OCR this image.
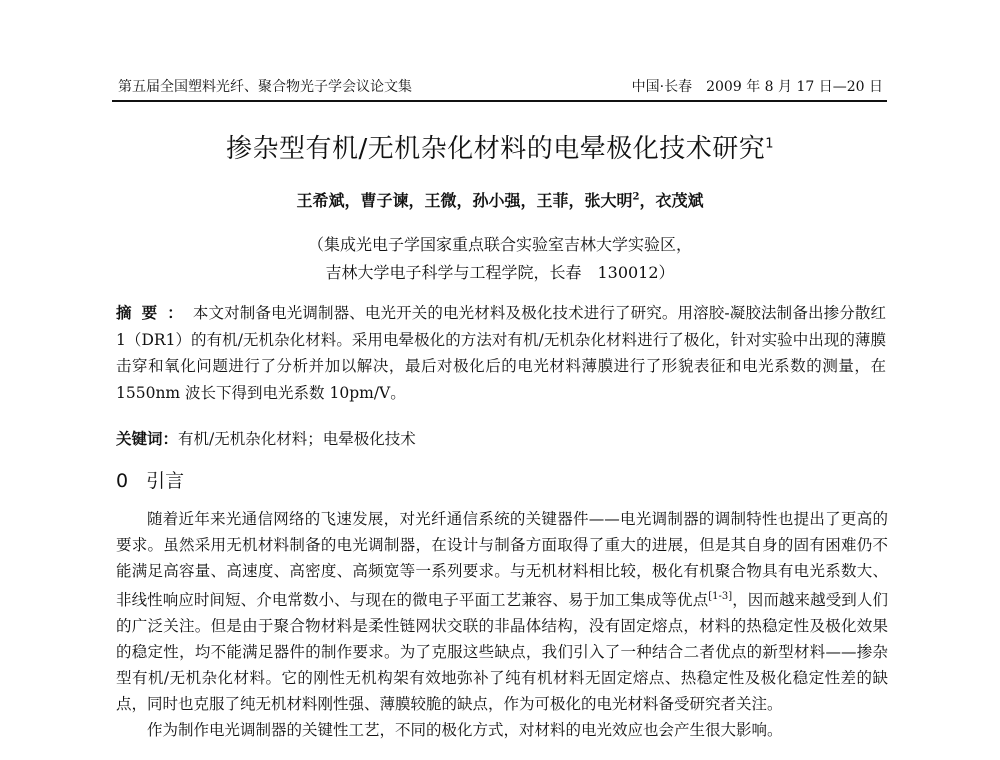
第五届全国塑料光纤、聚合物光子学会议论文集	中国·长春　2009 年 8 月 17 日—20 日
掺杂型有机/无机杂化材料的电晕极化技术研究$^1$
王希斌，曹子谏，王微，孙小强，王菲，张大明$^2$，衣茂斌
（集成光电子学国家重点联合实验室吉林大学实验区，
吉林大学电子科学与工程学院，长春　130012）
摘要：本文对制备电光调制器、电光开关的电光材料及极化技术进行了研究。用溶胶-凝胶法制备出掺分散红 1（DR1）的有机/无机杂化材料。采用电晕极化的方法对有机/无机杂化材料进行了极化，针对实验中出现的薄膜击穿和氧化问题进行了分析并加以解决，最后对极化后的电光材料薄膜进行了形貌表征和电光系数的测量，在 1550nm 波长下得到电光系数 10pm/V。
关键词：有机/无机杂化材料；电晕极化技术
0 引言

随着近年来光通信网络的飞速发展，对光纤通信系统的关键器件——电光调制器的调制特性也提出了更高的要求。虽然采用无机材料制备的电光调制器，在设计与制备方面取得了重大的进展，但是其自身的固有困难仍不能满足高容量、高速度、高密度、高频宽等一系列要求。与无机材料相比较，极化有机聚合物具有电光系数大、非线性响应时间短、介电常数小、与现在的微电子平面工艺兼容、易于加工集成等优点[1-3]，因而越来越受到人们的广泛关注。但是由于聚合物材料是柔性链网状交联的非晶体结构，没有固定熔点，材料的热稳定性及极化效果的稳定性，均不能满足器件的制作要求。为了克服这些缺点，我们引入了一种结合二者优点的新型材料——掺杂型有机/无机杂化材料。它的刚性无机构架有效地弥补了纯有机材料无固定熔点、热稳定性及极化稳定性差的缺点，同时也克服了纯无机材料刚性强、薄膜较脆的缺点，作为可极化的电光材料备受研究者关注。

作为制作电光调制器的关键性工艺，不同的极化方式，对材料的电光效应也会产生很大影响。
